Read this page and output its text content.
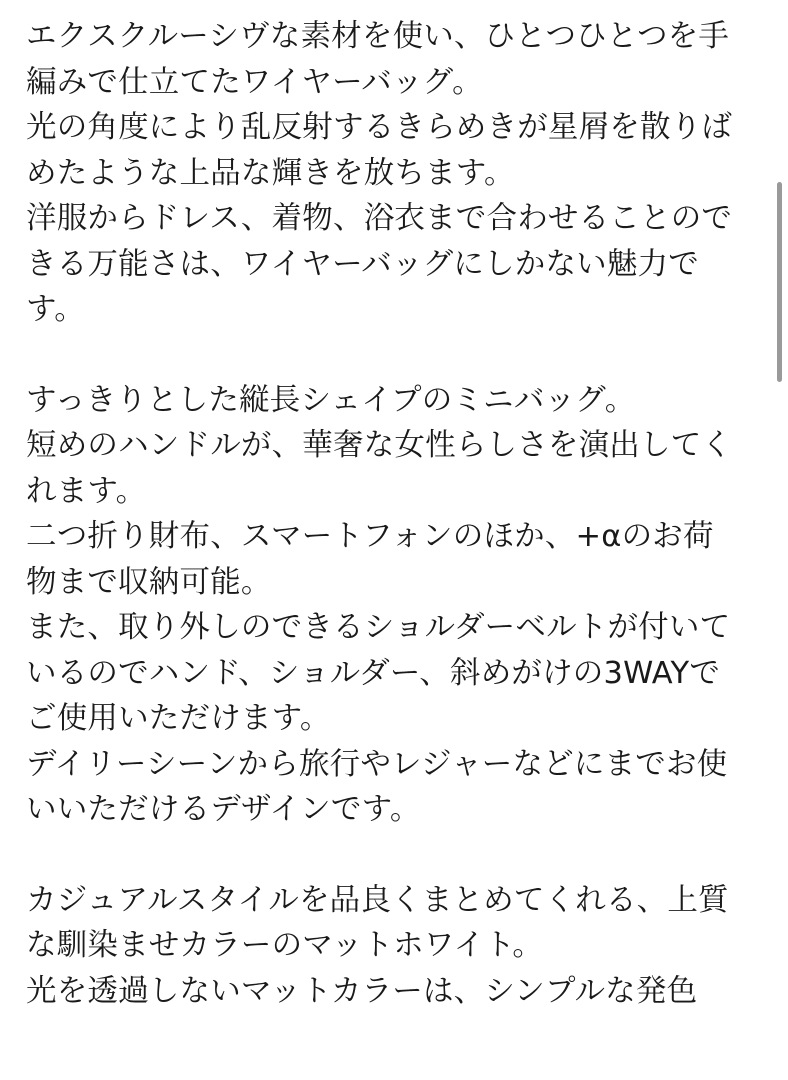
エクスクルーシヴな素材を使い、ひとつひとつを手編みで仕立てたワイヤーバッグ。

光の角度により乱反射するきらめきが星屑を散りばめたような上品な輝きを放ちます。

洋服からドレス、着物、浴衣まで合わせることのできる万能さは、ワイヤーバッグにしかない魅力です。

すっきりとした縦長シェイプのミニバッグ。

短めのハンドルが、華奢な女性らしさを演出してくれます。

二つ折り財布、スマートフォンのほか、+αのお荷物まで収納可能。

また、取り外しのできるショルダーベルトが付いているのでハンド、ショルダー、斜めがけの3WAYでご使用いただけます。

デイリーシーンから旅行やレジャーなどにまでお使いいただけるデザインです。

カジュアルスタイルを品良くまとめてくれる、上質な馴染ませカラーのマットホワイト。

光を透過しないマットカラーは、シンプルな発色
